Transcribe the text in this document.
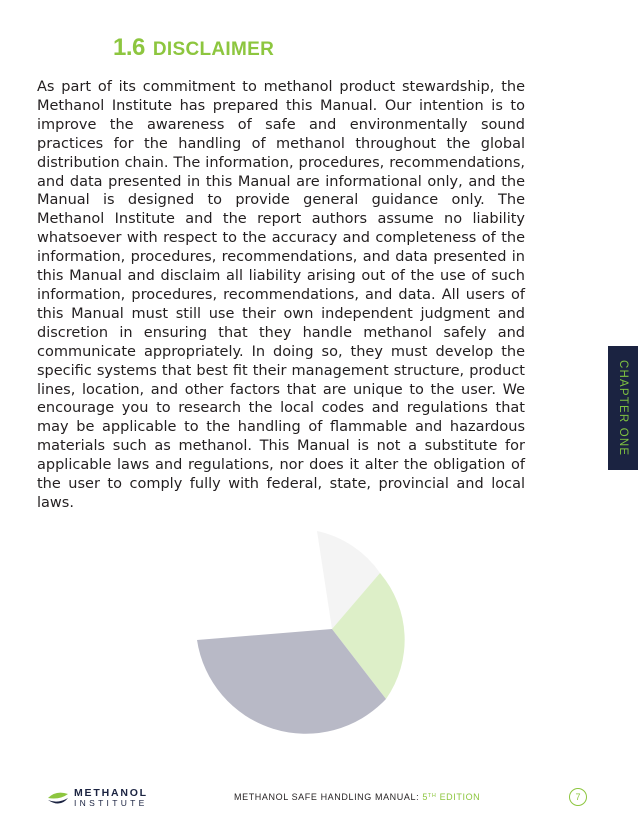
1.6 DISCLAIMER

As part of its commitment to methanol product stewardship, the Methanol Institute has prepared this Manual. Our intention is to improve the awareness of safe and environmentally sound practices for the handling of methanol throughout the global distribution chain. The information, procedures, recommendations, and data presented in this Manual are informational only, and the Manual is designed to provide general guidance only. The Methanol Institute and the report authors assume no liability whatsoever with respect to the accuracy and completeness of the information, procedures, recommendations, and data presented in this Manual and disclaim all liability arising out of the use of such information, procedures, recommendations, and data. All users of this Manual must still use their own independent judgment and discretion in ensuring that they handle methanol safely and communicate appropriately. In doing so, they must develop the specific systems that best fit their management structure, product lines, location, and other factors that are unique to the user. We encourage you to research the local codes and regulations that may be applicable to the handling of flammable and hazardous materials such as methanol. This Manual is not a substitute for applicable laws and regulations, nor does it alter the obligation of the user to comply fully with federal, state, provincial and local laws.

CHAPTER ONE
METHANOL
INSTITUTE
METHANOL SAFE HANDLING MANUAL: 5TH EDITION	7
